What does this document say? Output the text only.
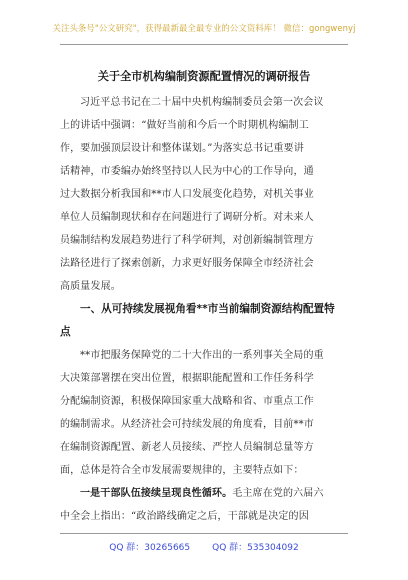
关注头条号"公文研究"，获得最新最全最专业的公文资料库！ 微信：gongwenyj
关于全市机构编制资源配置情况的调研报告
习近平总书记在二十届中央机构编制委员会第一次会议
上的讲话中强调：“做好当前和今后一个时期机构编制工
作，要加强顶层设计和整体谋划。”为落实总书记重要讲
话精神，市委编办始终坚持以人民为中心的工作导向，通
过大数据分析我国和**市人口发展变化趋势，对机关事业
单位人员编制现状和存在问题进行了调研分析。对未来人
员编制结构发展趋势进行了科学研判，对创新编制管理方
法路径进行了探索创新，力求更好服务保障全市经济社会
高质量发展。
一、从可持续发展视角看**市当前编制资源结构配置特
点
**市把服务保障党的二十大作出的一系列事关全局的重
大决策部署摆在突出位置，根据职能配置和工作任务科学
分配编制资源，积极保障国家重大战略和省、市重点工作
的编制需求。从经济社会可持续发展的角度看，目前**市
在编制资源配置、新老人员接续、严控人员编制总量等方
面，总体是符合全市发展需要规律的，主要特点如下：
一是干部队伍接续呈现良性循环。毛主席在党的六届六
中全会上指出：“政治路线确定之后，干部就是决定的因
QQ 群：30265665 QQ 群：535304092
